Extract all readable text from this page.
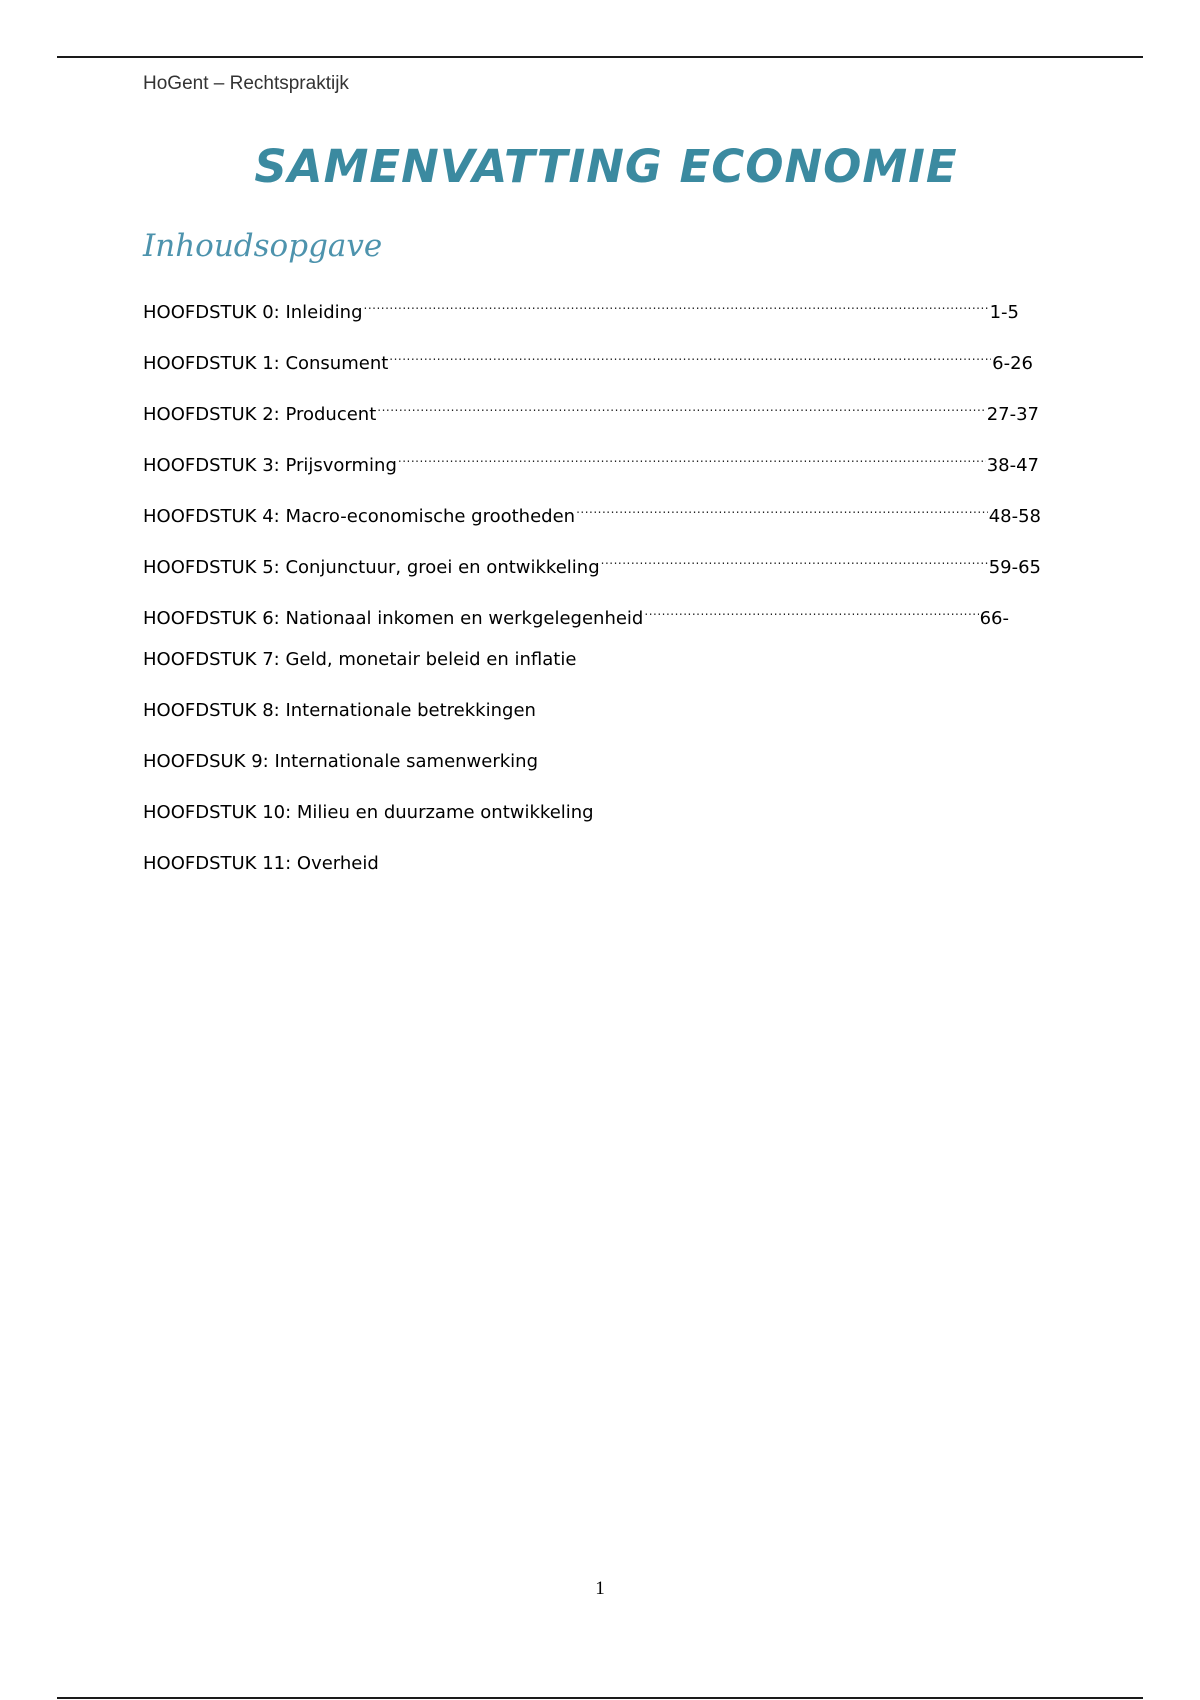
HoGent – Rechtspraktijk
SAMENVATTING ECONOMIE
Inhoudsopgave
HOOFDSTUK 0: Inleiding .....	1-5
HOOFDSTUK 1: Consument .....	6-26
HOOFDSTUK 2: Producent .....	27-37
HOOFDSTUK 3: Prijsvorming .....	38-47
HOOFDSTUK 4: Macro-economische grootheden .....	48-58
HOOFDSTUK 5: Conjunctuur, groei en ontwikkeling .....	59-65
HOOFDSTUK 6: Nationaal inkomen en werkgelegenheid .....	66-
HOOFDSTUK 7: Geld, monetair beleid en inflatie
HOOFDSTUK 8: Internationale betrekkingen
HOOFDSUK 9: Internationale samenwerking
HOOFDSTUK 10: Milieu en duurzame ontwikkeling
HOOFDSTUK 11: Overheid
1
